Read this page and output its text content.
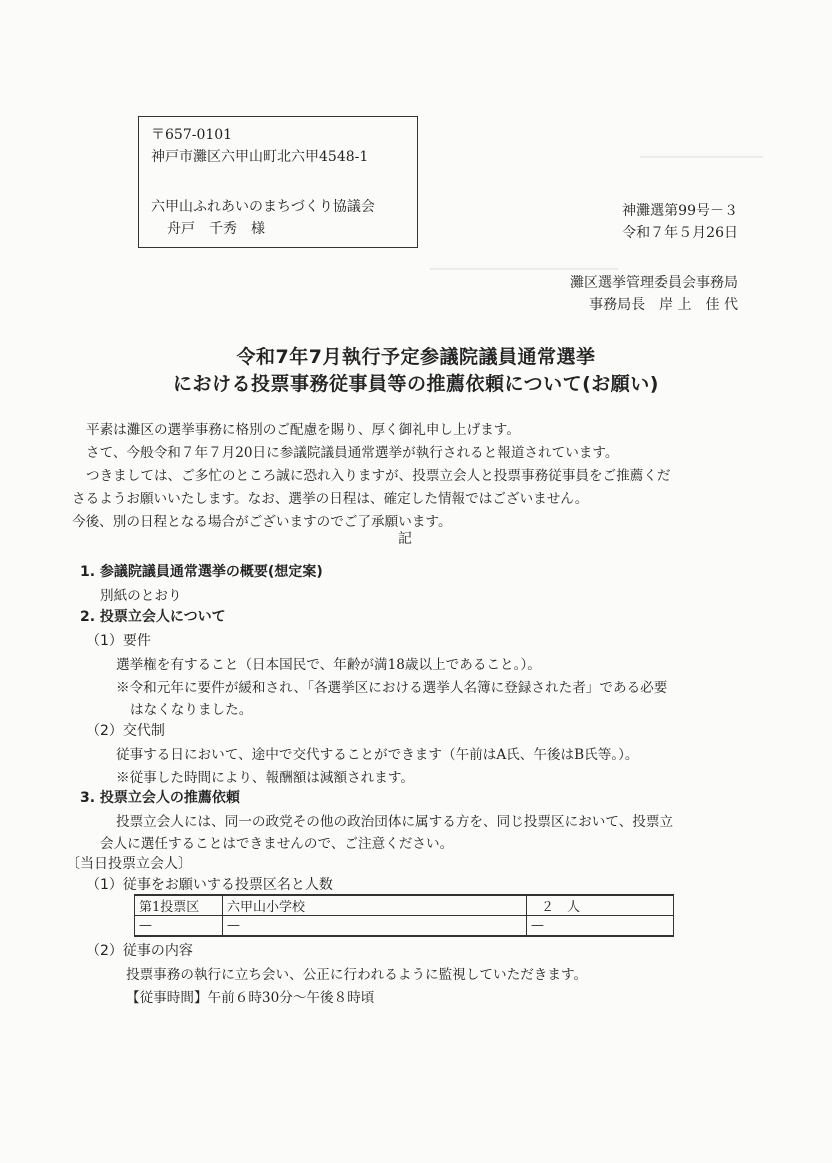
━━━━━━━━━━━━━━━━━
━━━━━━━━━━━━━━━━━━━━━━━━━━
〒657-0101
神戸市灘区六甲山町北六甲4548-1
六甲山ふれあいのまちづくり協議会
舟戸　千秀　様
神灘選第99号－３
令和７年５月26日
灘区選挙管理委員会事務局
事務局長　岸 上　佳 代
令和7年7月執行予定参議院議員通常選挙
における投票事務従事員等の推薦依頼について(お願い)
平素は灘区の選挙事務に格別のご配慮を賜り、厚く御礼申し上げます。
さて、今般令和７年７月20日に参議院議員通常選挙が執行されると報道されています。
つきましては、ご多忙のところ誠に恐れ入りますが、投票立会人と投票事務従事員をご推薦くだ
さるようお願いいたします。なお、選挙の日程は、確定した情報ではございません。
今後、別の日程となる場合がございますのでご了承願います。
記
1. 参議院議員通常選挙の概要(想定案)
別紙のとおり
2. 投票立会人について
（1）要件
選挙権を有すること（日本国民で、年齢が満18歳以上であること。）。
※令和元年に要件が緩和され、「各選挙区における選挙人名簿に登録された者」である必要
はなくなりました。
（2）交代制
従事する日において、途中で交代することができます（午前はA氏、午後はB氏等。）。
※従事した時間により、報酬額は減額されます。
3. 投票立会人の推薦依頼
投票立会人には、同一の政党その他の政治団体に属する方を、同じ投票区において、投票立
会人に選任することはできませんので、ご注意ください。
〔当日投票立会人〕
（1）従事をお願いする投票区名と人数
第1投票区	六甲山小学校	２　人
—	—	—
（2）従事の内容
投票事務の執行に立ち会い、公正に行われるように監視していただきます。
【従事時間】午前６時30分～午後８時頃
